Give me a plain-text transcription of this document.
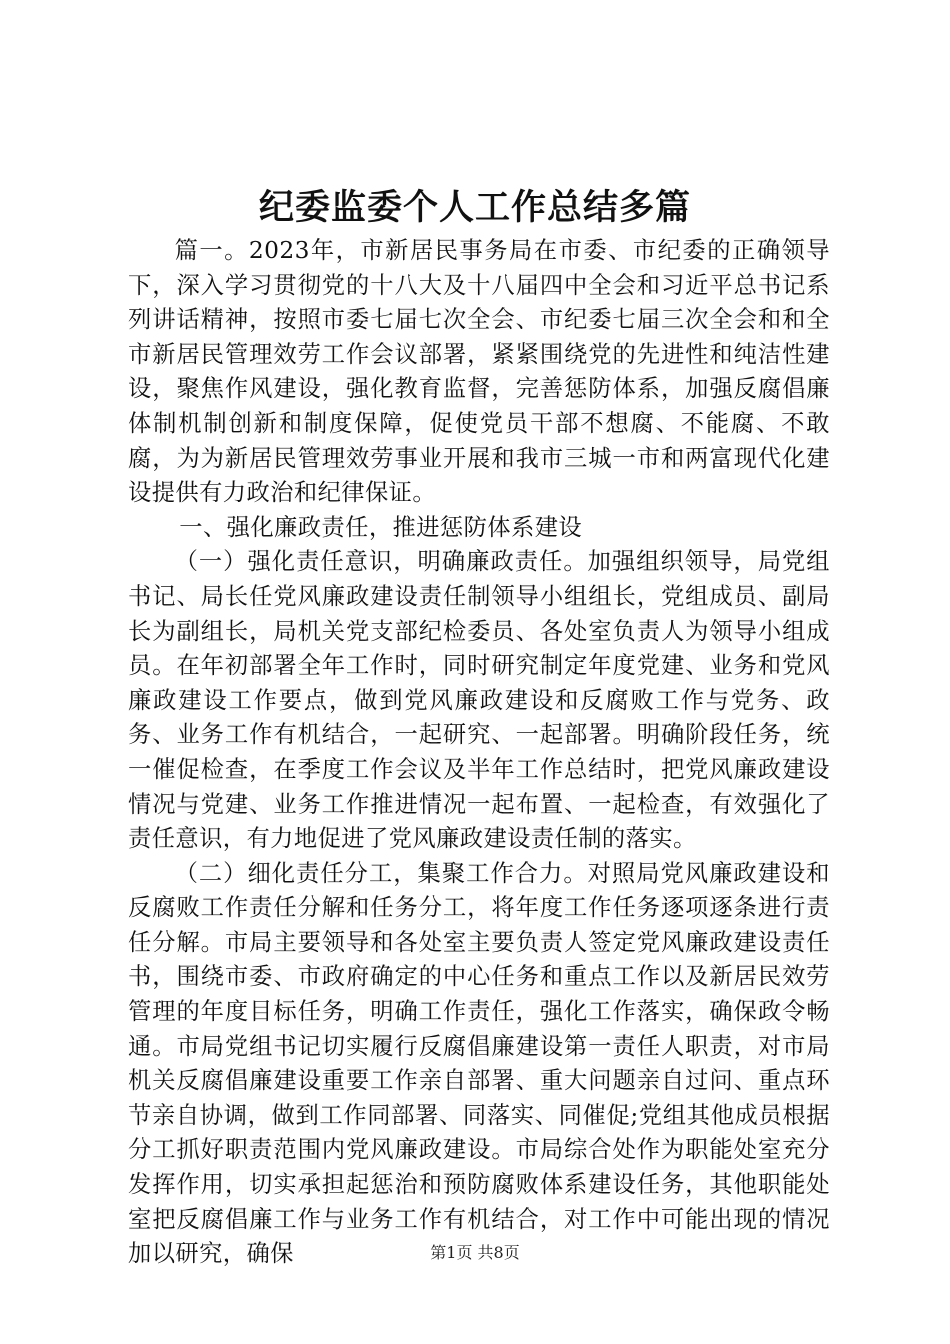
纪委监委个人工作总结多篇

篇一。2023年，市新居民事务局在市委、市纪委的正确领导下，深入学习贯彻党的十八大及十八届四中全会和习近平总书记系列讲话精神，按照市委七届七次全会、市纪委七届三次全会和和全市新居民管理效劳工作会议部署，紧紧围绕党的先进性和纯洁性建设，聚焦作风建设，强化教育监督，完善惩防体系，加强反腐倡廉体制机制创新和制度保障，促使党员干部不想腐、不能腐、不敢腐，为为新居民管理效劳事业开展和我市三城一市和两富现代化建设提供有力政治和纪律保证。

一、强化廉政责任，推进惩防体系建设

（一）强化责任意识，明确廉政责任。加强组织领导，局党组书记、局长任党风廉政建设责任制领导小组组长，党组成员、副局长为副组长，局机关党支部纪检委员、各处室负责人为领导小组成员。在年初部署全年工作时，同时研究制定年度党建、业务和党风廉政建设工作要点，做到党风廉政建设和反腐败工作与党务、政务、业务工作有机结合，一起研究、一起部署。明确阶段任务，统一催促检查，在季度工作会议及半年工作总结时，把党风廉政建设情况与党建、业务工作推进情况一起布置、一起检查，有效强化了责任意识，有力地促进了党风廉政建设责任制的落实。

（二）细化责任分工，集聚工作合力。对照局党风廉政建设和反腐败工作责任分解和任务分工，将年度工作任务逐项逐条进行责任分解。市局主要领导和各处室主要负责人签定党风廉政建设责任书，围绕市委、市政府确定的中心任务和重点工作以及新居民效劳管理的年度目标任务，明确工作责任，强化工作落实，确保政令畅通。市局党组书记切实履行反腐倡廉建设第一责任人职责，对市局机关反腐倡廉建设重要工作亲自部署、重大问题亲自过问、重点环节亲自协调，做到工作同部署、同落实、同催促;党组其他成员根据分工抓好职责范围内党风廉政建设。市局综合处作为职能处室充分发挥作用，切实承担起惩治和预防腐败体系建设任务，其他职能处室把反腐倡廉工作与业务工作有机结合，对工作中可能出现的情况加以研究，确保	第1页 共8页
